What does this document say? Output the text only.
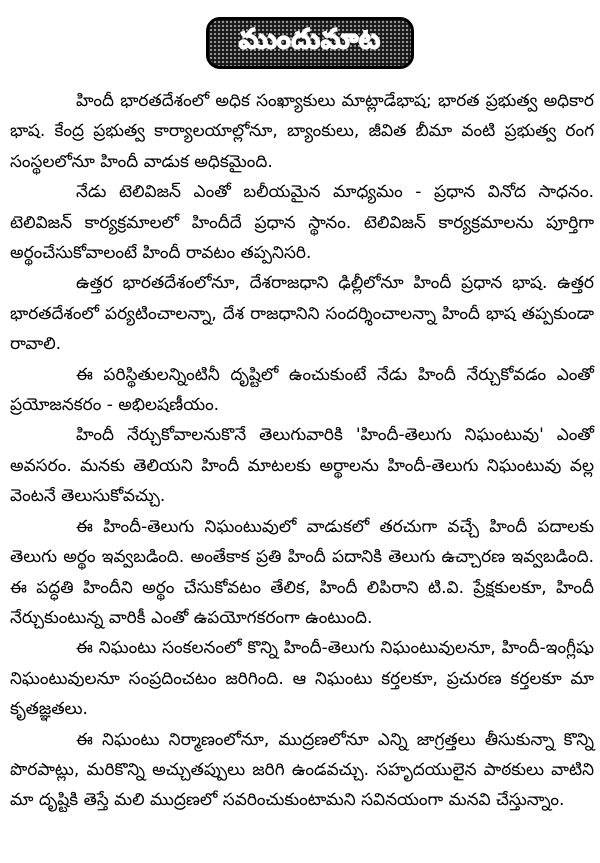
ముందుమాట

హిందీ భారతదేశంలో అధిక సంఖ్యాకులు మాట్లాడేభాష; భారత ప్రభుత్వ అధికార భాష. కేంద్ర ప్రభుత్వ కార్యాలయాల్లోనూ, బ్యాంకులు, జీవిత బీమా వంటి ప్రభుత్వ రంగ సంస్థలలోనూ హిందీ వాడుక అధికమైంది.

నేడు టెలివిజన్ ఎంతో బలీయమైన మాధ్యమం - ప్రధాన వినోద సాధనం. టెలివిజన్ కార్యక్రమాలలో హిందీదే ప్రధాన స్థానం. టెలివిజన్ కార్యక్రమాలను పూర్తిగా అర్థంచేసుకోవాలంటే హిందీ రావటం తప్పనిసరి.

ఉత్తర భారతదేశంలోనూ, దేశరాజధాని ఢిల్లీలోనూ హిందీ ప్రధాన భాష. ఉత్తర భారతదేశంలో పర్యటించాలన్నా, దేశ రాజధానిని సందర్శించాలన్నా హిందీ భాష తప్పకుండా రావాలి.

ఈ పరిస్థితులన్నింటినీ దృష్టిలో ఉంచుకుంటే నేడు హిందీ నేర్చుకోవడం ఎంతో ప్రయోజనకరం - అభిలషణీయం.

హిందీ నేర్చుకోవాలనుకొనే తెలుగువారికి 'హిందీ-తెలుగు నిఘంటువు' ఎంతో అవసరం. మనకు తెలియని హిందీ మాటలకు అర్థాలను హిందీ-తెలుగు నిఘంటువు వల్ల వెంటనే తెలుసుకోవచ్చు.

ఈ హిందీ-తెలుగు నిఘంటువులో వాడుకలో తరచుగా వచ్చే హిందీ పదాలకు తెలుగు అర్థం ఇవ్వబడింది. అంతేకాక ప్రతి హిందీ పదానికి తెలుగు ఉచ్చారణ ఇవ్వబడింది. ఈ పద్ధతి హిందీని అర్థం చేసుకోవటం తేలిక, హిందీ లిపిరాని టి.వి. ప్రేక్షకులకూ, హిందీ నేర్చుకుంటున్న వారికీ ఎంతో ఉపయోగకరంగా ఉంటుంది.

ఈ నిఘంటు సంకలనంలో కొన్ని హిందీ-తెలుగు నిఘంటువులనూ, హిందీ-ఇంగ్లీషు నిఘంటువులనూ సంప్రదించటం జరిగింది. ఆ నిఘంటు కర్తలకూ, ప్రచురణ కర్తలకూ మా కృతజ్ఞతలు.

ఈ నిఘంటు నిర్మాణంలోనూ, ముద్రణలోనూ ఎన్ని జాగ్రత్తలు తీసుకున్నా కొన్ని పొరపాట్లు, మరికొన్ని అచ్చుతప్పులు జరిగి ఉండవచ్చు. సహృదయులైన పాఠకులు వాటిని మా దృష్టికి తెస్తే మలి ముద్రణలో సవరించుకుంటామని సవినయంగా మనవి చేస్తున్నాం.
